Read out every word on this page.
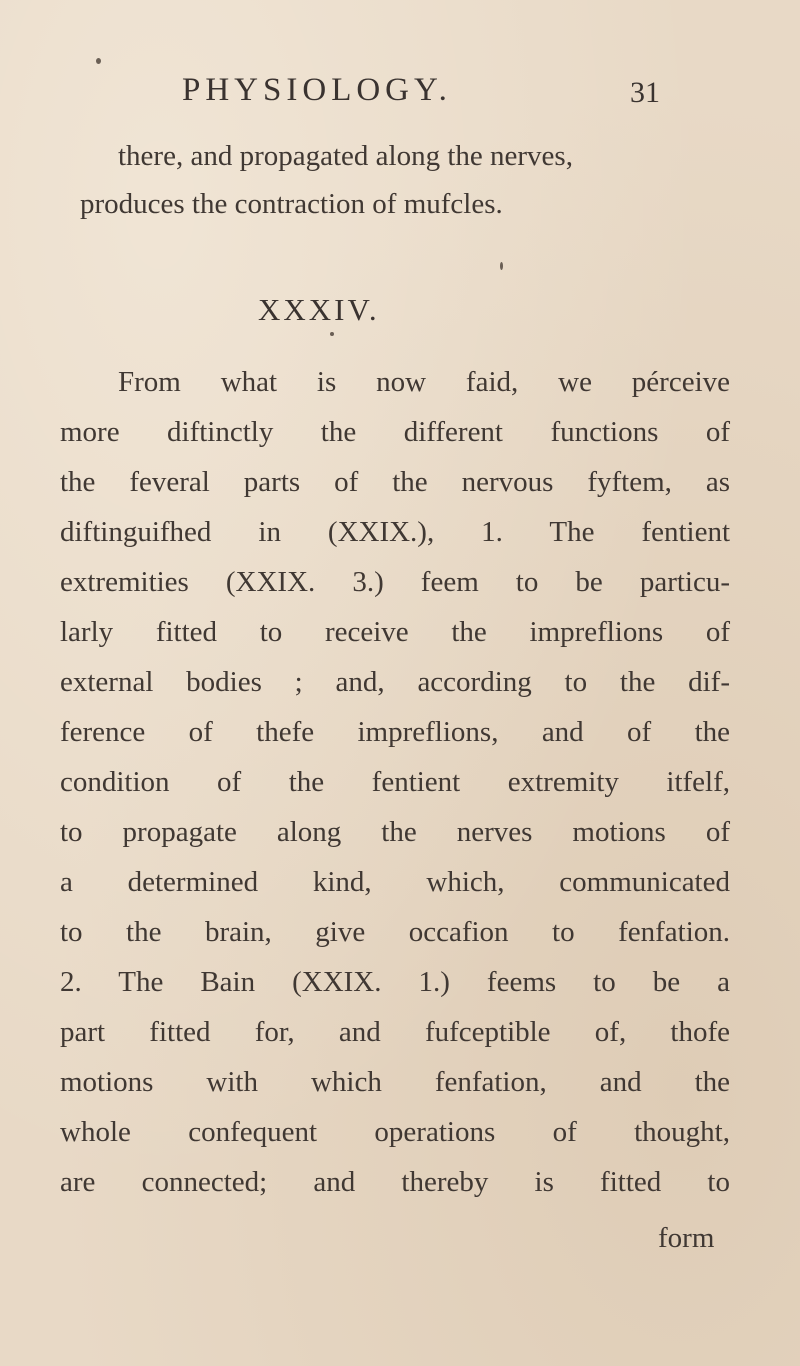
PHYSIOLOGY.	31
there, and propagated along the nerves,
produces the contraction of mufcles.
XXXIV.
From what is now faid, we pérceive
more diftinctly the different functions of
the feveral parts of the nervous fyftem, as
diftinguifhed in (XXIX.), 1. The fentient
extremities (XXIX. 3.) feem to be particu-
larly fitted to receive the impreflions of
external bodies ; and, according to the dif-
ference of thefe impreflions, and of the
condition of the fentient extremity itfelf,
to propagate along the nerves motions of
a determined kind, which, communicated
to the brain, give occafion to fenfation.
2. The Bain (XXIX. 1.) feems to be a
part fitted for, and fufceptible of, thofe
motions with which fenfation, and the
whole confequent operations of thought,
are connected; and thereby is fitted to
form
